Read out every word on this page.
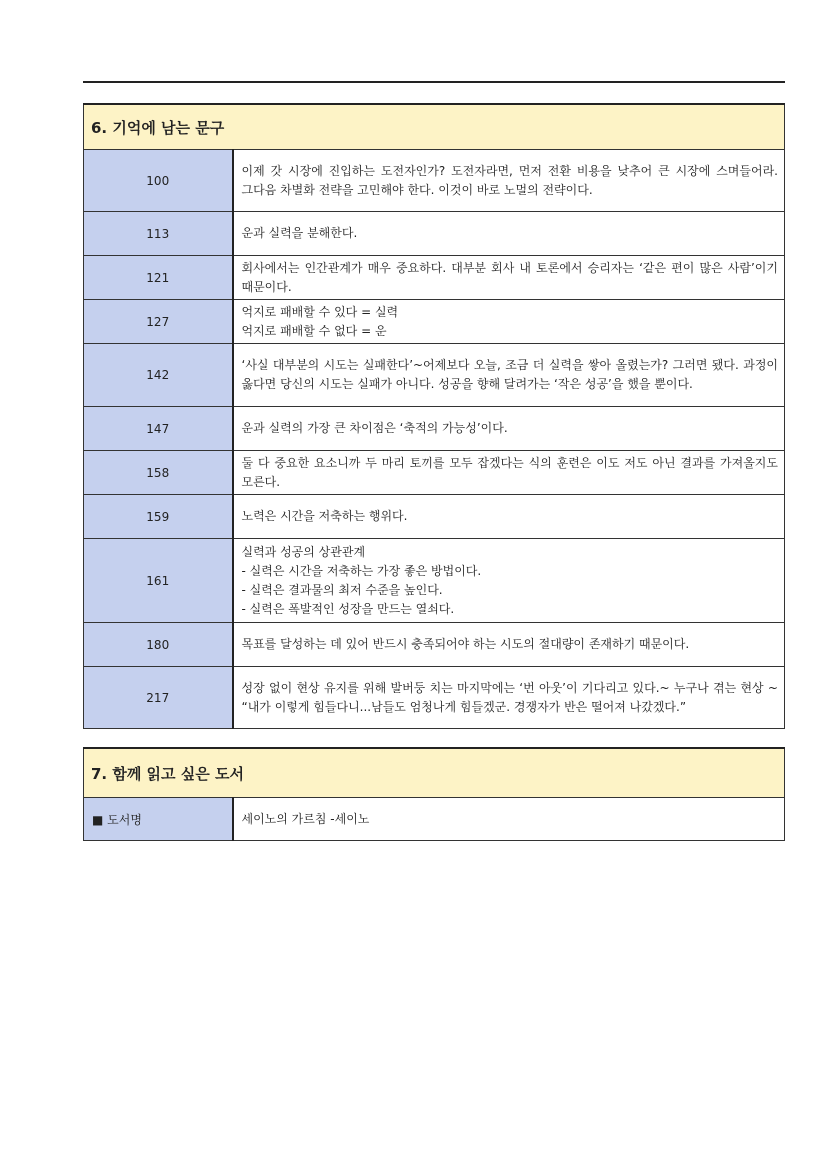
6. 기억에 남는 문구	
100	이제 갓 시장에 진입하는 도전자인가? 도전자라면, 먼저 전환 비용을 낮추어 큰 시장에 스며들어라. 그다음 차별화 전략을 고민해야 한다. 이것이 바로 노멀의 전략이다.
113	운과 실력을 분해한다.
121	회사에서는 인간관계가 매우 중요하다. 대부분 회사 내 토론에서 승리자는 ‘같은 편이 많은 사람’이기 때문이다.
127	억지로 패배할 수 있다 = 실력
억지로 패배할 수 없다 = 운
142	‘사실 대부분의 시도는 실패한다’~어제보다 오늘, 조금 더 실력을 쌓아 올렸는가? 그러면 됐다. 과정이 옳다면 당신의 시도는 실패가 아니다. 성공을 향해 달려가는 ‘작은 성공’을 했을 뿐이다.
147	운과 실력의 가장 큰 차이점은 ‘축적의 가능성’이다.
158	둘 다 중요한 요소니까 두 마리 토끼를 모두 잡겠다는 식의 훈련은 이도 저도 아닌 결과를 가져올지도 모른다.
159	노력은 시간을 저축하는 행위다.
161	실력과 성공의 상관관계
- 실력은 시간을 저축하는 가장 좋은 방법이다.
- 실력은 결과물의 최저 수준을 높인다.
- 실력은 폭발적인 성장을 만드는 열쇠다.
180	목표를 달성하는 데 있어 반드시 충족되어야 하는 시도의 절대량이 존재하기 때문이다.
217	성장 없이 현상 유지를 위해 발버둥 치는 마지막에는 ‘번 아웃’이 기다리고 있다.~ 누구나 겪는 현상 ~ “내가 이렇게 힘들다니...남들도 엄청나게 힘들겠군. 경쟁자가 반은 떨어져 나갔겠다.”
7. 함께 읽고 싶은 도서
■ 도서명	세이노의 가르침 -세이노
